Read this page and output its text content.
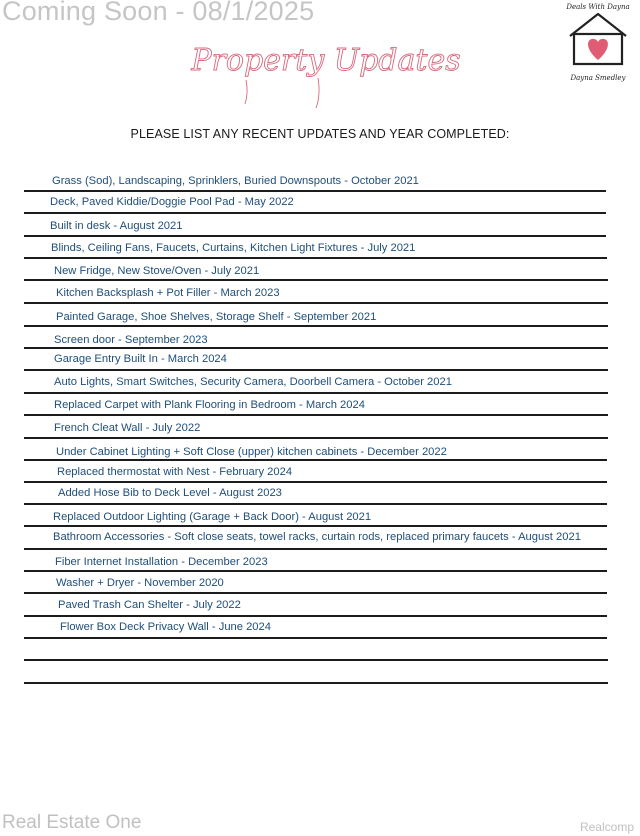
Coming Soon - 08/1/2025
Property Updates
Deals With Dayna
Dayna Smedley
PLEASE LIST ANY RECENT UPDATES AND YEAR COMPLETED:
Grass (Sod), Landscaping, Sprinklers, Buried Downspouts - October 2021
Deck, Paved Kiddie/Doggie Pool Pad - May 2022
Built in desk - August 2021
Blinds, Ceiling Fans, Faucets, Curtains, Kitchen Light Fixtures - July 2021
New Fridge, New Stove/Oven - July 2021
Kitchen Backsplash + Pot Filler - March 2023
Painted Garage, Shoe Shelves, Storage Shelf - September 2021
Screen door - September 2023
Garage Entry Built In - March 2024
Auto Lights, Smart Switches, Security Camera, Doorbell Camera - October 2021
Replaced Carpet with Plank Flooring in Bedroom - March 2024
French Cleat Wall - July 2022
Under Cabinet Lighting + Soft Close (upper) kitchen cabinets - December 2022
Replaced thermostat with Nest - February 2024
Added Hose Bib to Deck Level - August 2023
Replaced Outdoor Lighting (Garage + Back Door) - August 2021
Bathroom Accessories - Soft close seats, towel racks, curtain rods, replaced primary faucets - August 2021
Fiber Internet Installation - December 2023
Washer + Dryer - November 2020
Paved Trash Can Shelter - July 2022
Flower Box Deck Privacy Wall - June 2024
Real Estate One	Realcomp
